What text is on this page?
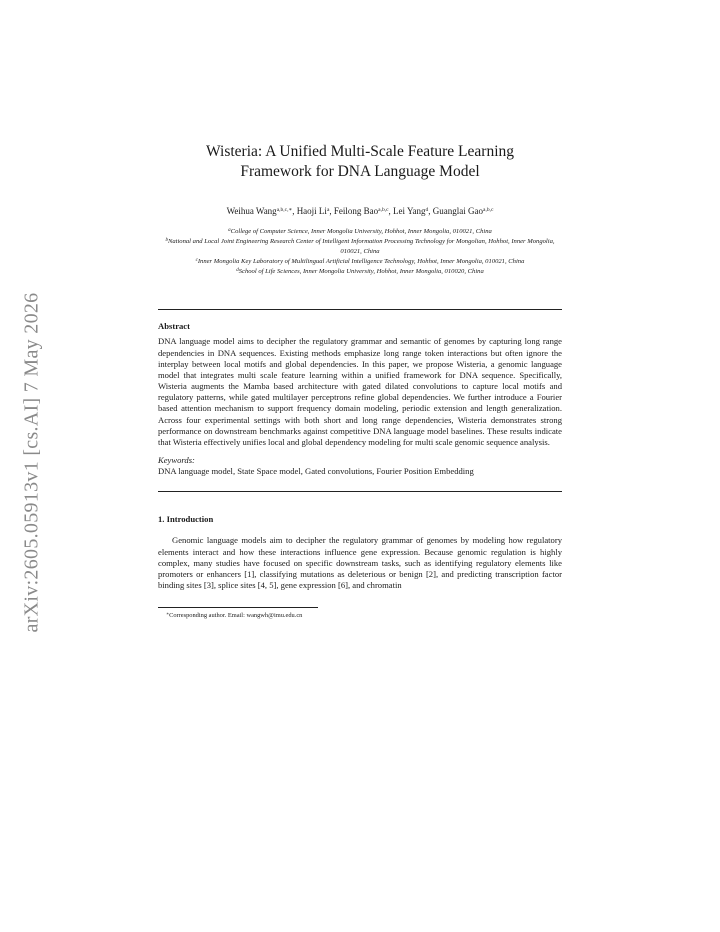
arXiv:2605.05913v1 [cs.AI] 7 May 2026
Wisteria: A Unified Multi-Scale Feature Learning
Framework for DNA Language Model
Weihua Wang$^{a,b,c,∗}$, Haoji Li$^a$, Feilong Bao$^{a,b,c}$, Lei Yang$^d$, Guanglai Gao$^{a,b,c}$
$^a$College of Computer Science, Inner Mongolia University, Hohhot, Inner Mongolia, 010021, China
$^b$National and Local Joint Engineering Research Center of Intelligent Information Processing Technology for Mongolian, Hohhot, Inner Mongolia, 010021, China
$^c$Inner Mongolia Key Laboratory of Multilingual Artificial Intelligence Technology, Hohhot, Inner Mongolia, 010021, China
$^d$School of Life Sciences, Inner Mongolia University, Hohhot, Inner Mongolia, 010020, China
Abstract
DNA language model aims to decipher the regulatory grammar and semantic of genomes by capturing long range dependencies in DNA sequences. Existing methods emphasize long range token interactions but often ignore the interplay between local motifs and global dependencies. In this paper, we propose Wisteria, a genomic language model that integrates multi scale feature learning within a unified framework for DNA sequence. Specifically, Wisteria augments the Mamba based architecture with gated dilated convolutions to capture local motifs and regulatory patterns, while gated multilayer perceptrons refine global dependencies. We further introduce a Fourier based attention mechanism to support frequency domain modeling, periodic extension and length generalization. Across four experimental settings with both short and long range dependencies, Wisteria demonstrates strong performance on downstream benchmarks against competitive DNA language model baselines. These results indicate that Wisteria effectively unifies local and global dependency modeling for multi scale genomic sequence analysis.
Keywords:
DNA language model, State Space model, Gated convolutions, Fourier Position Embedding
1. Introduction
Genomic language models aim to decipher the regulatory grammar of genomes by modeling how regulatory elements interact and how these interactions influence gene expression. Because genomic regulation is highly complex, many studies have focused on specific downstream tasks, such as identifying regulatory elements like promoters or enhancers [1], classifying mutations as deleterious or benign [2], and predicting transcription factor binding sites [3], splice sites [4, 5], gene expression [6], and chromatin
∗Corresponding author. Email: wangwh@imu.edu.cn
